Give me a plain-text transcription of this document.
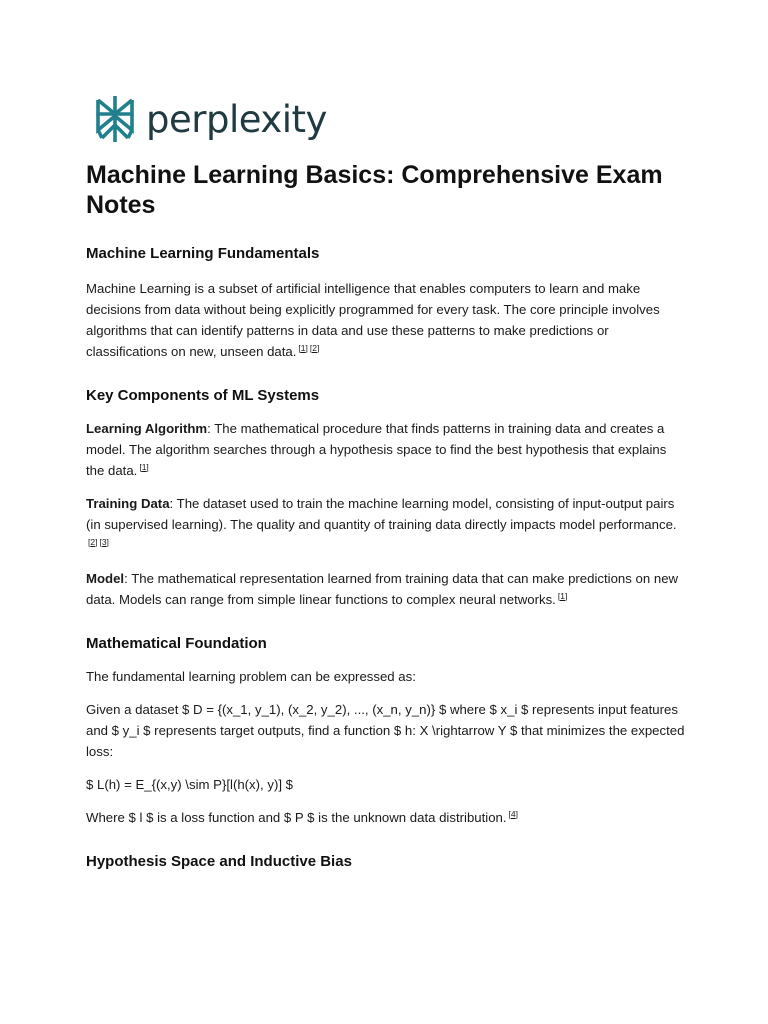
perplexity
Machine Learning Basics: Comprehensive Exam Notes
Machine Learning Fundamentals

Machine Learning is a subset of artificial intelligence that enables computers to learn and make decisions from data without being explicitly programmed for every task. The core principle involves algorithms that can identify patterns in data and use these patterns to make predictions or classifications on new, unseen data. [1] [2]

Key Components of ML Systems

Learning Algorithm: The mathematical procedure that finds patterns in training data and creates a model. The algorithm searches through a hypothesis space to find the best hypothesis that explains the data. [1]

Training Data: The dataset used to train the machine learning model, consisting of input-output pairs (in supervised learning). The quality and quantity of training data directly impacts model performance.[2] [3]

Model: The mathematical representation learned from training data that can make predictions on new data. Models can range from simple linear functions to complex neural networks. [1]

Mathematical Foundation

The fundamental learning problem can be expressed as:

Given a dataset $ D = {(x_1, y_1), (x_2, y_2), ..., (x_n, y_n)} $ where $ x_i $ represents input features and $ y_i $ represents target outputs, find a function $ h: X \rightarrow Y $ that minimizes the expected loss:

$ L(h) = E_{(x,y) \sim P}[l(h(x), y)] $

Where $ l $ is a loss function and $ P $ is the unknown data distribution. [4]

Hypothesis Space and Inductive Bias
